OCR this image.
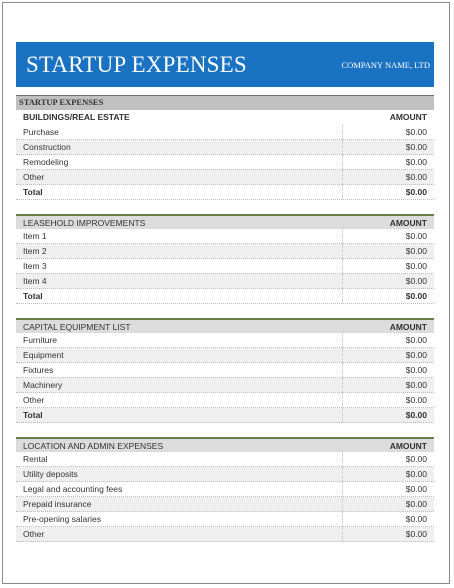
STARTUP EXPENSES	COMPANY NAME, LTD
STARTUP EXPENSES
BUILDINGS/REAL ESTATE	AMOUNT
Purchase	$0.00
Construction	$0.00
Remodeling	$0.00
Other	$0.00
Total	$0.00
LEASEHOLD IMPROVEMENTS	AMOUNT
Item 1	$0.00
Item 2	$0.00
Item 3	$0.00
Item 4	$0.00
Total	$0.00
CAPITAL EQUIPMENT LIST	AMOUNT
Furniture	$0.00
Equipment	$0.00
Fixtures	$0.00
Machinery	$0.00
Other	$0.00
Total	$0.00
LOCATION AND ADMIN EXPENSES	AMOUNT
Rental	$0.00
Utility deposits	$0.00
Legal and accounting fees	$0.00
Prepaid insurance	$0.00
Pre-opening salaries	$0.00
Other	$0.00
